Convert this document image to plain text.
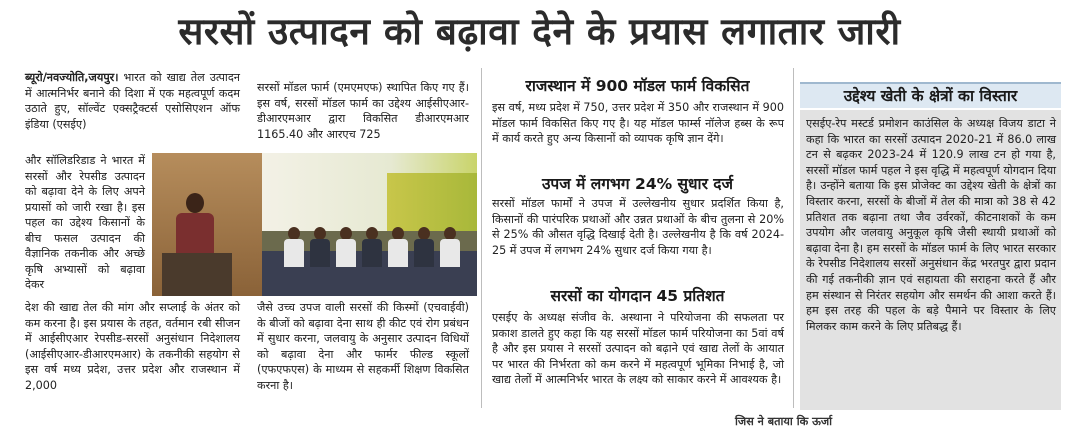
सरसों उत्पादन को बढ़ावा देने के प्रयास लगातार जारी

ब्यूरो/नवज्योति,जयपुर। भारत को खाद्य तेल उत्पादन में आत्मनिर्भर बनाने की दिशा में एक महत्वपूर्ण कदम उठाते हुए, सॉल्वेंट एक्सट्रैक्टर्स एसोसिएशन ऑफ इंडिया (एसईए)

और सॉलिडरिडाड ने भारत में सरसों और रेपसीड उत्पादन को बढ़ावा देने के लिए अपने प्रयासों को जारी रखा है। इस पहल का उद्देश्य किसानों के बीच फसल उत्पादन की वैज्ञानिक तकनीक और अच्छे कृषि अभ्यासों को बढ़ावा देकर

देश की खाद्य तेल की मांग और सप्लाई के अंतर को कम करना है। इस प्रयास के तहत, वर्तमान रबी सीजन में आईसीएआर रेपसीड-सरसों अनुसंधान निदेशालय (आईसीएआर-डीआरएमआर) के तकनीकी सहयोग से इस वर्ष मध्य प्रदेश, उत्तर प्रदेश और राजस्थान में 2,000

सरसों मॉडल फार्म (एमएमएफ) स्थापित किए गए हैं। इस वर्ष, सरसों मॉडल फार्म का उद्देश्य आईसीएआर-डीआरएमआर द्वारा विकसित डीआरएमआर 1165.40 और आरएच 725

जैसे उच्च उपज वाली सरसों की किस्मों (एचवाईवी) के बीजों को बढ़ावा देना साथ ही कीट एवं रोग प्रबंधन में सुधार करना, जलवायु के अनुसार उत्पादन विधियों को बढ़ावा देना और फार्मर फील्ड स्कूलों (एफएफएस) के माध्यम से सहकर्मी शिक्षण विकसित करना है।

राजस्थान में 900 मॉडल फार्म विकसित

इस वर्ष, मध्य प्रदेश में 750, उत्तर प्रदेश में 350 और राजस्थान में 900 मॉडल फार्म विकसित किए गए है। यह मॉडल फार्म्स नॉलेज हब्स के रूप में कार्य करते हुए अन्य किसानों को व्यापक कृषि ज्ञान देंगे।

उपज में लगभग 24% सुधार दर्ज

सरसों मॉडल फार्मों ने उपज में उल्लेखनीय सुधार प्रदर्शित किया है, किसानों की पारंपरिक प्रथाओं और उन्नत प्रथाओं के बीच तुलना से 20% से 25% की औसत वृद्धि दिखाई देती है। उल्लेखनीय है कि वर्ष 2024-25 में उपज में लगभग 24% सुधार दर्ज किया गया है।

सरसों का योगदान 45 प्रतिशत

एसईए के अध्यक्ष संजीव के. अस्थाना ने परियोजना की सफलता पर प्रकाश डालते हुए कहा कि यह सरसों मॉडल फार्म परियोजना का 5वां वर्ष है और इस प्रयास ने सरसों उत्पादन को बढ़ाने एवं खाद्य तेलों के आयात पर भारत की निर्भरता को कम करने में महत्वपूर्ण भूमिका निभाई है, जो खाद्य तेलों में आत्मनिर्भर भारत के लक्ष्य को साकार करने में आवश्यक है।

उद्देश्य खेती के क्षेत्रों का विस्तार

एसईए-रेप मस्टर्ड प्रमोशन काउंसिल के अध्यक्ष विजय डाटा ने कहा कि भारत का सरसों उत्पादन 2020-21 में 86.0 लाख टन से बढ़कर 2023-24 में 120.9 लाख टन हो गया है, सरसों मॉडल फार्म पहल ने इस वृद्धि में महत्वपूर्ण योगदान दिया है। उन्होंने बताया कि इस प्रोजेक्ट का उद्देश्य खेती के क्षेत्रों का विस्तार करना, सरसों के बीजों में तेल की मात्रा को 38 से 42 प्रतिशत तक बढ़ाना तथा जैव उर्वरकों, कीटनाशकों के कम उपयोग और जलवायु अनुकूल कृषि जैसी स्थायी प्रथाओं को बढ़ावा देना है। हम सरसों के मॉडल फार्म के लिए भारत सरकार के रेपसीड निदेशालय सरसों अनुसंधान केंद्र भरतपुर द्वारा प्रदान की गई तकनीकी ज्ञान एवं सहायता की सराहना करते हैं और हम संस्थान से निरंतर सहयोग और समर्थन की आशा करते हैं। हम इस तरह की पहल के बड़े पैमाने पर विस्तार के लिए मिलकर काम करने के लिए प्रतिबद्ध हैं।

जिस ने बताया कि ऊर्जा
